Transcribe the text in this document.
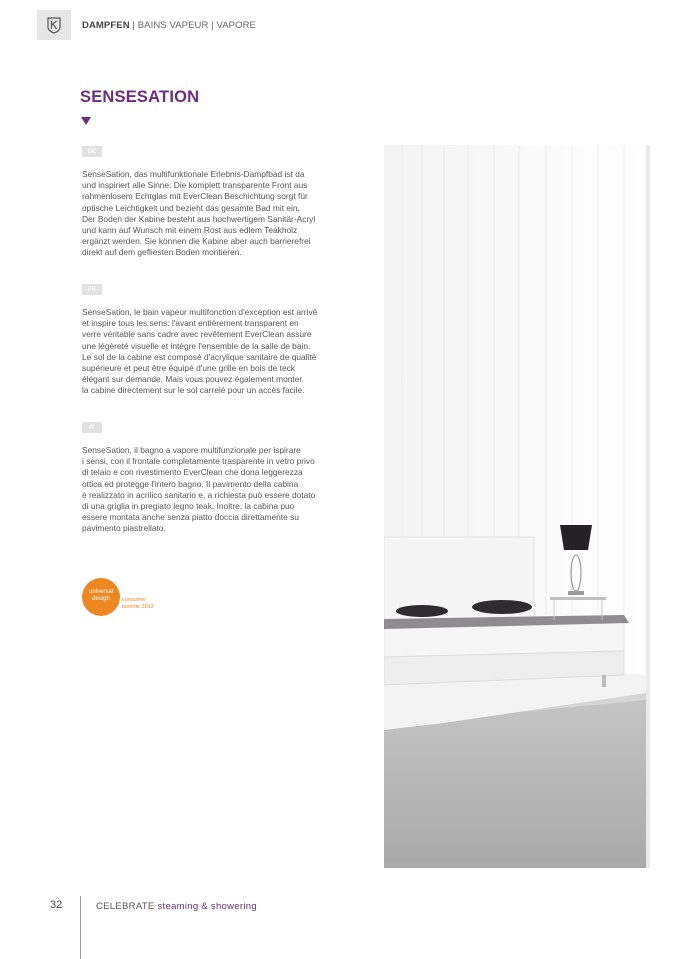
DAMPFEN | BAINS VAPEUR | VAPORE
SENSESATION
DE
SenseSation, das multifunktionale Erlebnis-Dampfbad ist da
und inspiriert alle Sinne: Die komplett transparente Front aus
rahmenlosem Echtglas mit EverClean Beschichtung sorgt für
optische Leichtigkeit und bezieht das gesamte Bad mit ein.
Der Boden der Kabine besteht aus hochwertigem Sanitär-Acryl
und kann auf Wunsch mit einem Rost aus edlem Teakholz
ergänzt werden. Sie können die Kabine aber auch barrierefrei
direkt auf dem gefliesten Boden montieren.
FR
SenseSation, le bain vapeur multifonction d'exception est arrivé
et inspire tous les sens: l'avant entièrement transparent en
verre véritable sans cadre avec revêtement EverClean assure
une légèreté visuelle et intègre l'ensemble de la salle de bain.
Le sol de la cabine est composé d'acrylique sanitaire de qualité
supérieure et peut être équipé d'une grille en bois de teck
élégant sur demande. Mais vous pouvez également monter
la cabine directement sur le sol carrelé pour un accès facile.
IT
SenseSation, il bagno a vapore multifunzionale per ispirare
i sensi, con il frontale completamente trasparente in vetro privo
di telaio e con rivestimento EverClean che dona leggerezza
ottica ed protegge l'intero bagno. Il pavimento della cabina
è realizzato in acrilico sanitario e, a richiesta può essere dotato
di una griglia in pregiato legno teak. Inoltre, la cabina puo
essere montata anche senza piatto doccia direttamente su
pavimento piastrellato.
universal
design	consumer
favorite 2012
32	CELEBRATE steaming & showering
